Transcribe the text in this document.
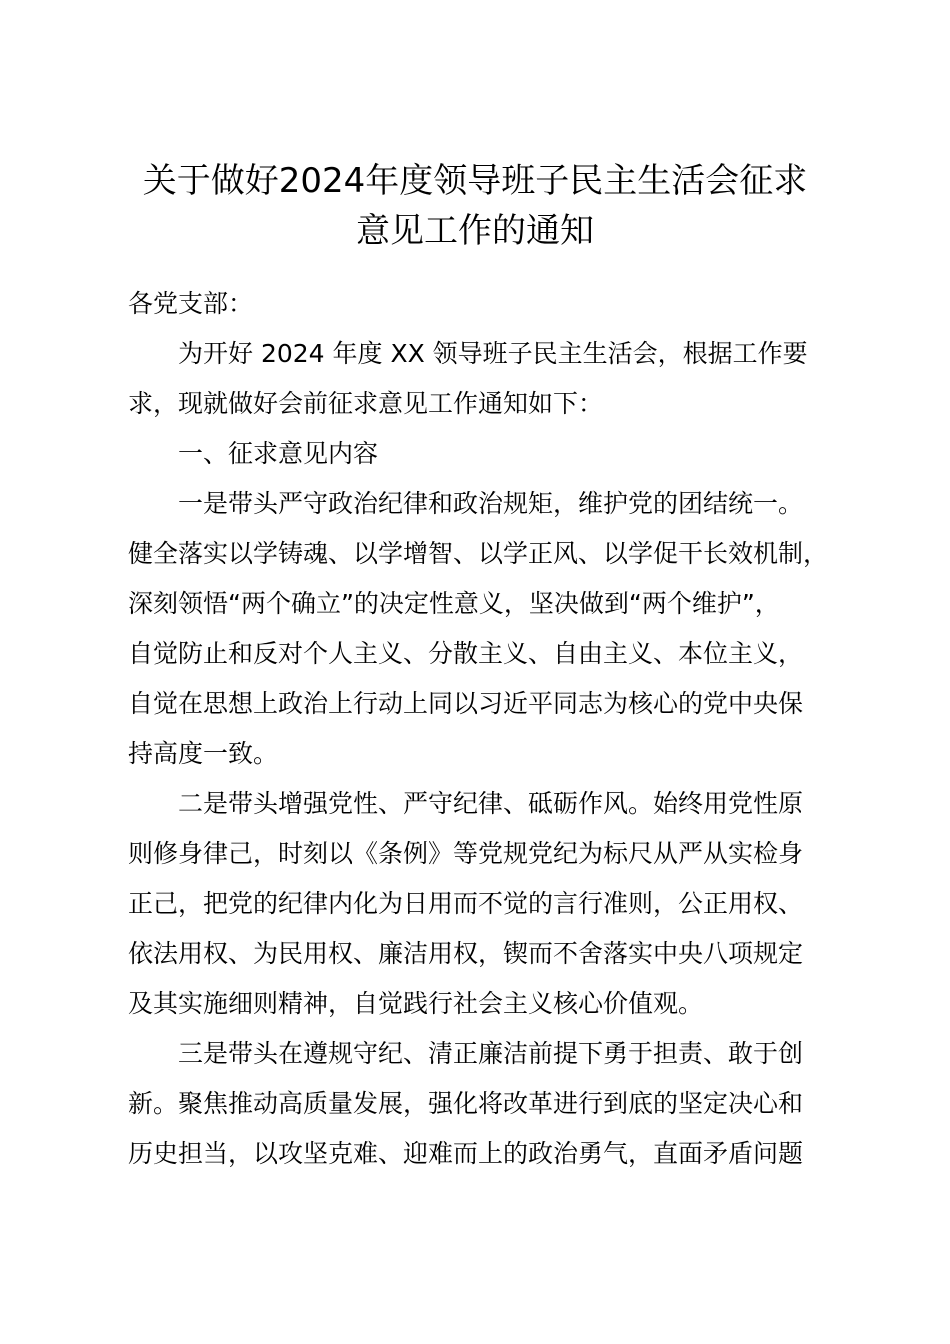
关于做好2024年度领导班子民主生活会征求
意见工作的通知

各党支部：

为开好 2024 年度 XX 领导班子民主生活会，根据工作要

求，现就做好会前征求意见工作通知如下：

一、征求意见内容

一是带头严守政治纪律和政治规矩，维护党的团结统一。

健全落实以学铸魂、以学增智、以学正风、以学促干长效机制，

深刻领悟“两个确立”的决定性意义，坚决做到“两个维护”，

自觉防止和反对个人主义、分散主义、自由主义、本位主义，

自觉在思想上政治上行动上同以习近平同志为核心的党中央保

持高度一致。

二是带头增强党性、严守纪律、砥砺作风。始终用党性原

则修身律己，时刻以《条例》等党规党纪为标尺从严从实检身

正己，把党的纪律内化为日用而不觉的言行准则，公正用权、

依法用权、为民用权、廉洁用权，锲而不舍落实中央八项规定

及其实施细则精神，自觉践行社会主义核心价值观。

三是带头在遵规守纪、清正廉洁前提下勇于担责、敢于创

新。聚焦推动高质量发展，强化将改革进行到底的坚定决心和

历史担当，以攻坚克难、迎难而上的政治勇气，直面矛盾问题
